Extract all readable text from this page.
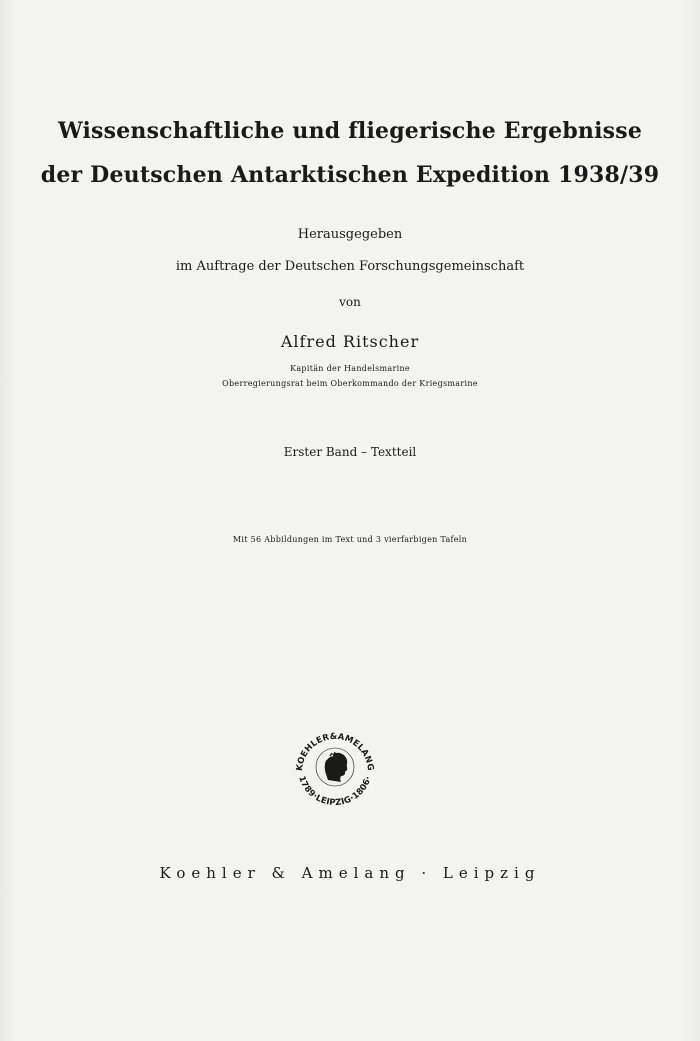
Wissenschaftliche und fliegerische Ergebnisse
der Deutschen Antarktischen Expedition 1938/39
Herausgegeben
im Auftrage der Deutschen Forschungsgemeinschaft
von
Alfred Ritscher
Kapitän der Handelsmarine
Oberregierungsrat beim Oberkommando der Kriegsmarine
Erster Band – Textteil
Mit 56 Abbildungen im Text und 3 vierfarbigen Tafeln
KOEHLER&AMELANG
1789·LEIPZIG·1806·
Koehler & Amelang · Leipzig
